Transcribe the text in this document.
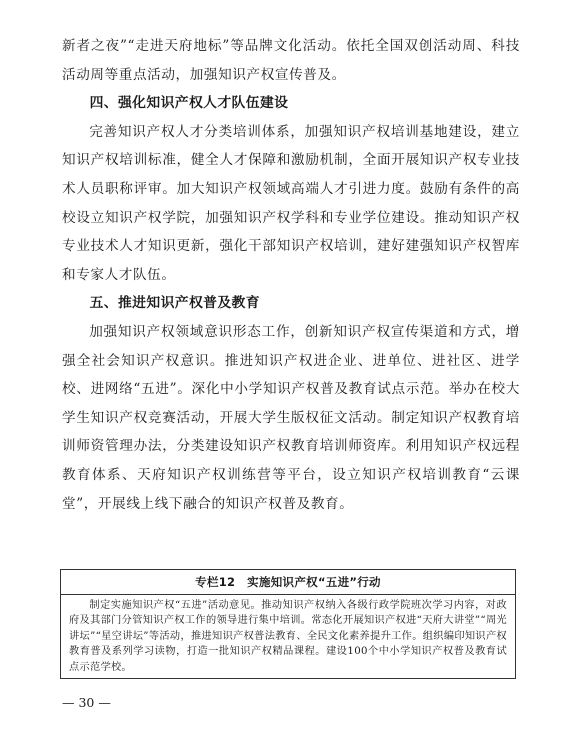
新者之夜”“走进天府地标”等品牌文化活动。依托全国双创活动周、科技活动周等重点活动，加强知识产权宣传普及。

四、强化知识产权人才队伍建设

完善知识产权人才分类培训体系，加强知识产权培训基地建设，建立知识产权培训标准，健全人才保障和激励机制，全面开展知识产权专业技术人员职称评审。加大知识产权领域高端人才引进力度。鼓励有条件的高校设立知识产权学院，加强知识产权学科和专业学位建设。推动知识产权专业技术人才知识更新，强化干部知识产权培训，建好建强知识产权智库和专家人才队伍。

五、推进知识产权普及教育

加强知识产权领域意识形态工作，创新知识产权宣传渠道和方式，增强全社会知识产权意识。推进知识产权进企业、进单位、进社区、进学校、进网络“五进”。深化中小学知识产权普及教育试点示范。举办在校大学生知识产权竞赛活动，开展大学生版权征文活动。制定知识产权教育培训师资管理办法，分类建设知识产权教育培训师资库。利用知识产权远程教育体系、天府知识产权训练营等平台，设立知识产权培训教育“云课堂”，开展线上线下融合的知识产权普及教育。

专栏12　实施知识产权“五进”行动

制定实施知识产权“五进”活动意见。推动知识产权纳入各级行政学院班次学习内容，对政府及其部门分管知识产权工作的领导进行集中培训。常态化开展知识产权进“天府大讲堂”“周光讲坛”“星空讲坛”等活动，推进知识产权普法教育、全民文化素养提升工作。组织编印知识产权教育普及系列学习读物，打造一批知识产权精品课程。建设100个中小学知识产权普及教育试点示范学校。

— 30 —
